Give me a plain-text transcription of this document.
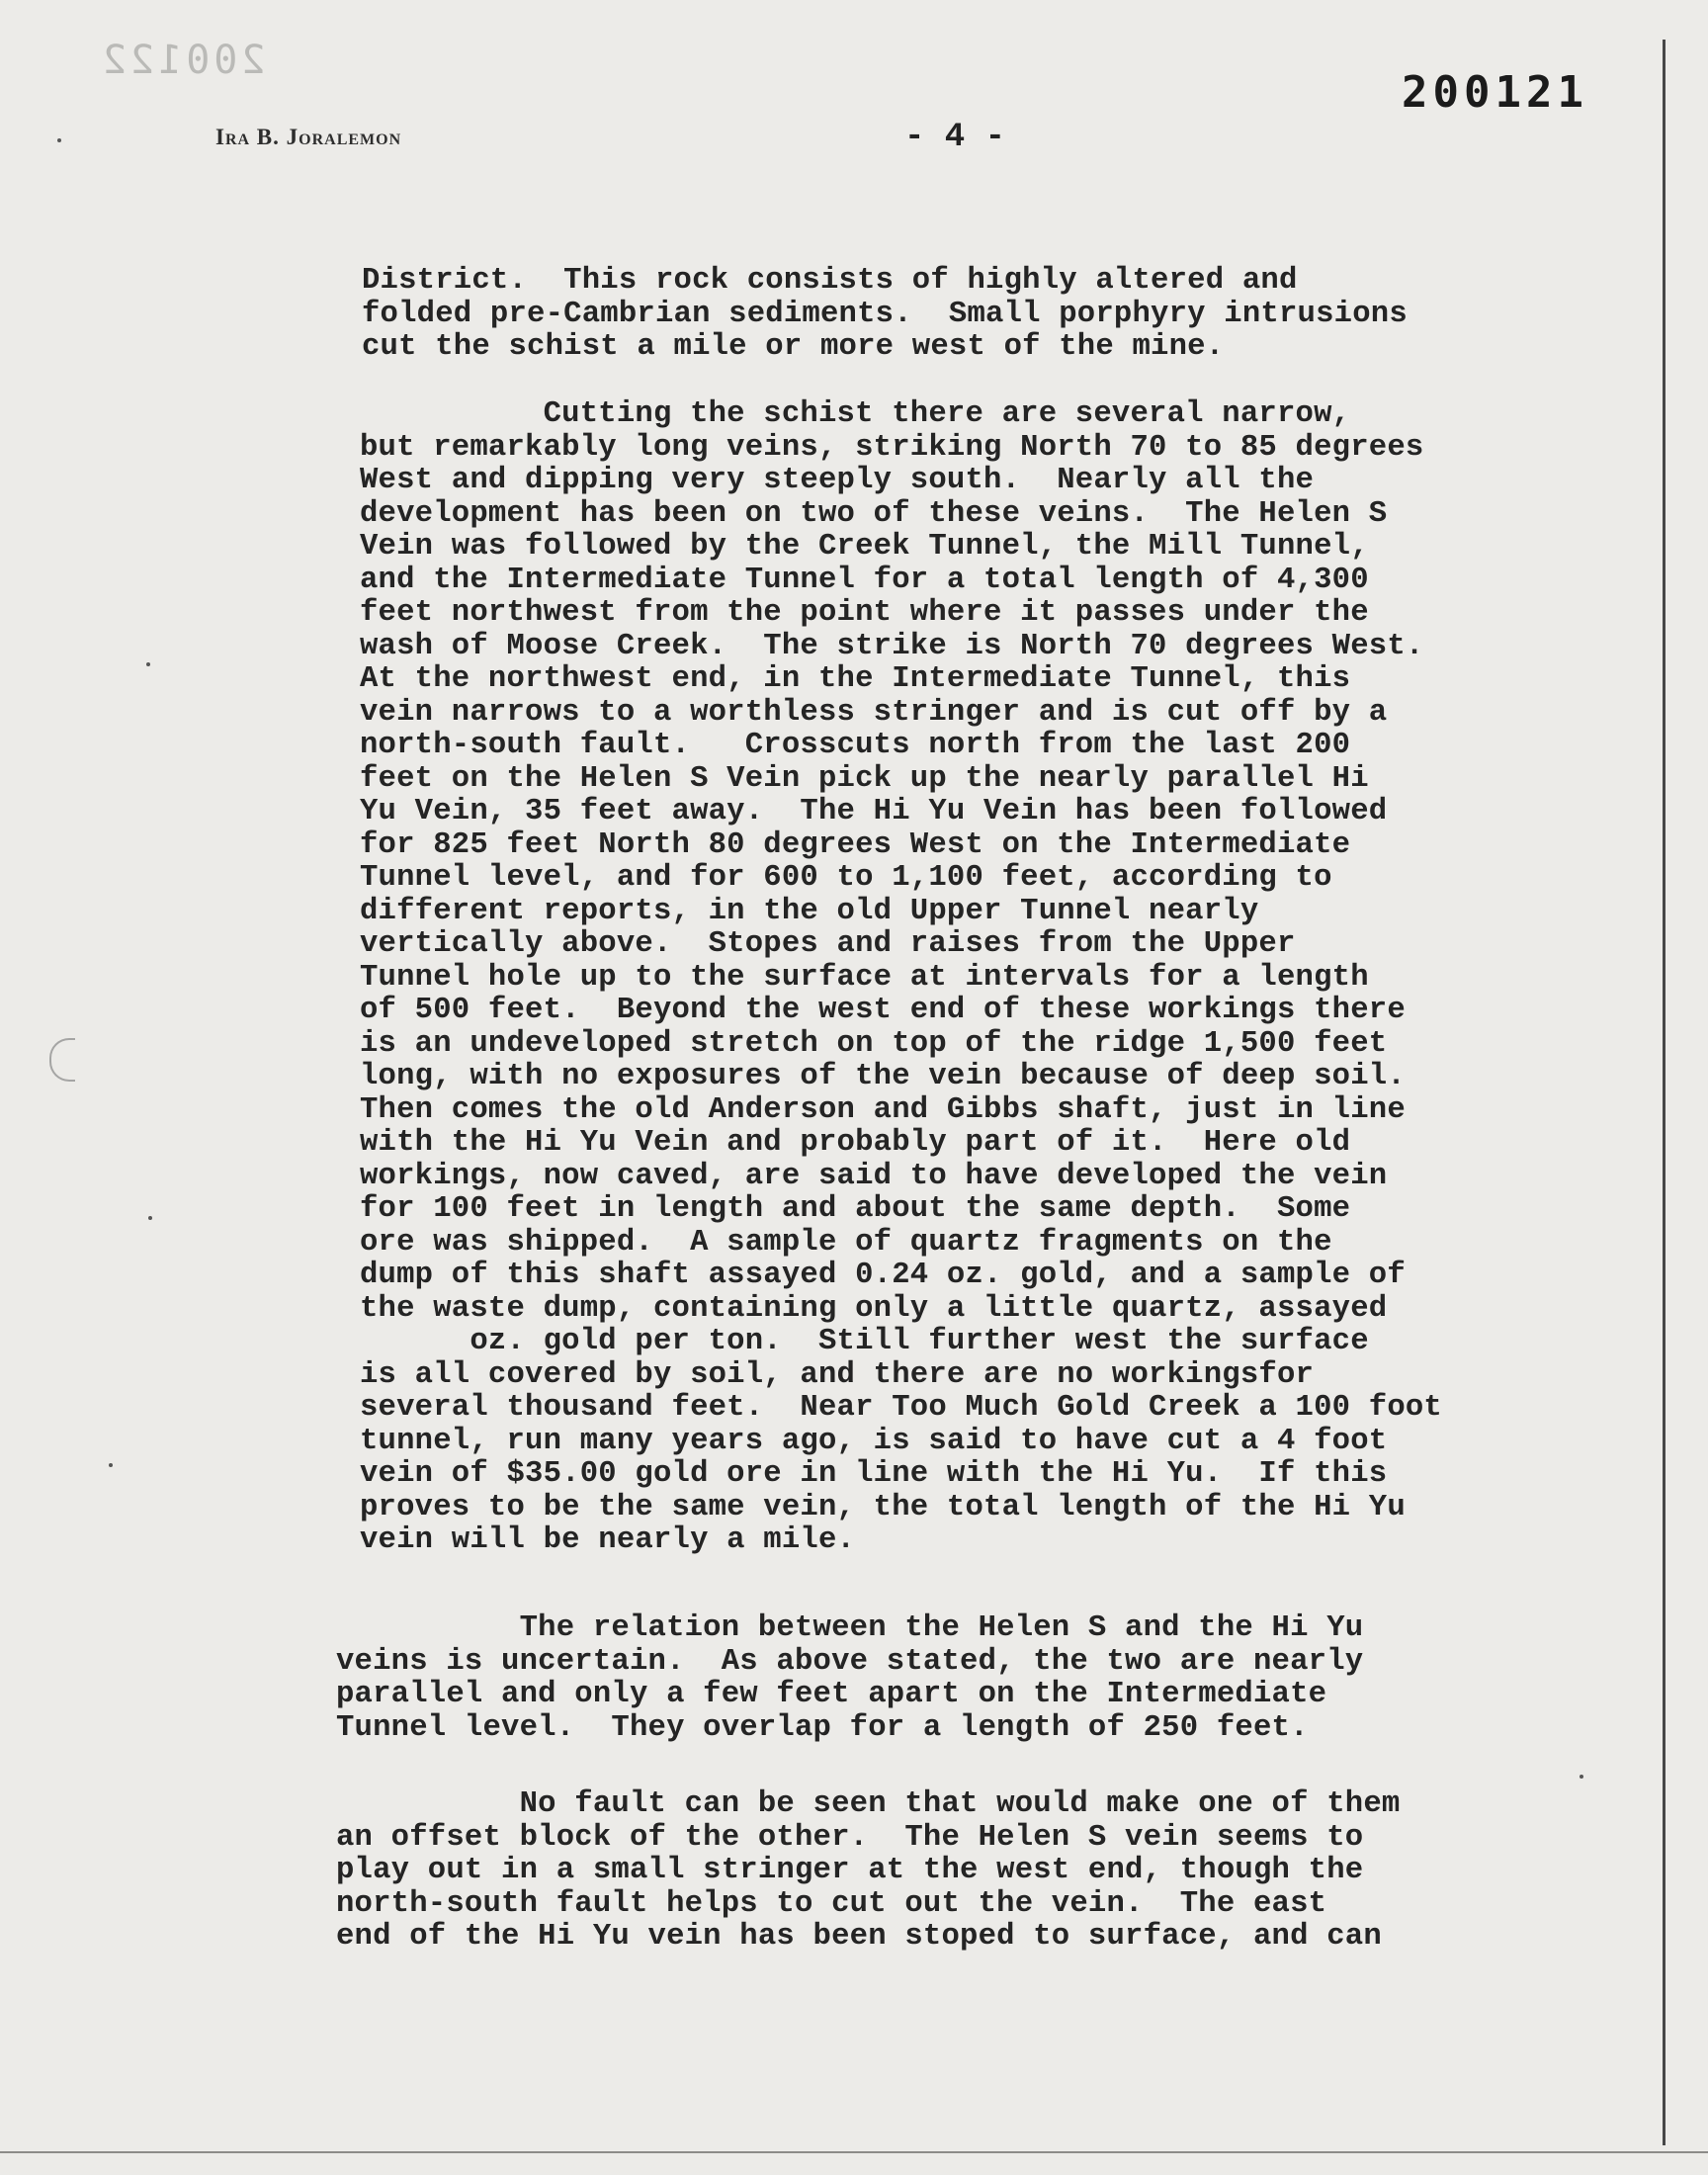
200122
200121
Ira B. Joralemon	- 4 -
District.  This rock consists of highly altered and
folded pre-Cambrian sediments.  Small porphyry intrusions
cut the schist a mile or more west of the mine.
Cutting the schist there are several narrow,
but remarkably long veins, striking North 70 to 85 degrees
West and dipping very steeply south.  Nearly all the
development has been on two of these veins.  The Helen S
Vein was followed by the Creek Tunnel, the Mill Tunnel,
and the Intermediate Tunnel for a total length of 4,300
feet northwest from the point where it passes under the
wash of Moose Creek.  The strike is North 70 degrees West.
At the northwest end, in the Intermediate Tunnel, this
vein narrows to a worthless stringer and is cut off by a
north-south fault.   Crosscuts north from the last 200
feet on the Helen S Vein pick up the nearly parallel Hi
Yu Vein, 35 feet away.  The Hi Yu Vein has been followed
for 825 feet North 80 degrees West on the Intermediate
Tunnel level, and for 600 to 1,100 feet, according to
different reports, in the old Upper Tunnel nearly
vertically above.  Stopes and raises from the Upper
Tunnel hole up to the surface at intervals for a length
of 500 feet.  Beyond the west end of these workings there
is an undeveloped stretch on top of the ridge 1,500 feet
long, with no exposures of the vein because of deep soil.
Then comes the old Anderson and Gibbs shaft, just in line
with the Hi Yu Vein and probably part of it.  Here old
workings, now caved, are said to have developed the vein
for 100 feet in length and about the same depth.  Some
ore was shipped.  A sample of quartz fragments on the
dump of this shaft assayed 0.24 oz. gold, and a sample of
the waste dump, containing only a little quartz, assayed
oz. gold per ton.  Still further west the surface
is all covered by soil, and there are no workingsfor
several thousand feet.  Near Too Much Gold Creek a 100 foot
tunnel, run many years ago, is said to have cut a 4 foot
vein of $35.00 gold ore in line with the Hi Yu.  If this
proves to be the same vein, the total length of the Hi Yu
vein will be nearly a mile.
The relation between the Helen S and the Hi Yu
veins is uncertain.  As above stated, the two are nearly
parallel and only a few feet apart on the Intermediate
Tunnel level.  They overlap for a length of 250 feet.
No fault can be seen that would make one of them
an offset block of the other.  The Helen S vein seems to
play out in a small stringer at the west end, though the
north-south fault helps to cut out the vein.  The east
end of the Hi Yu vein has been stoped to surface, and can
